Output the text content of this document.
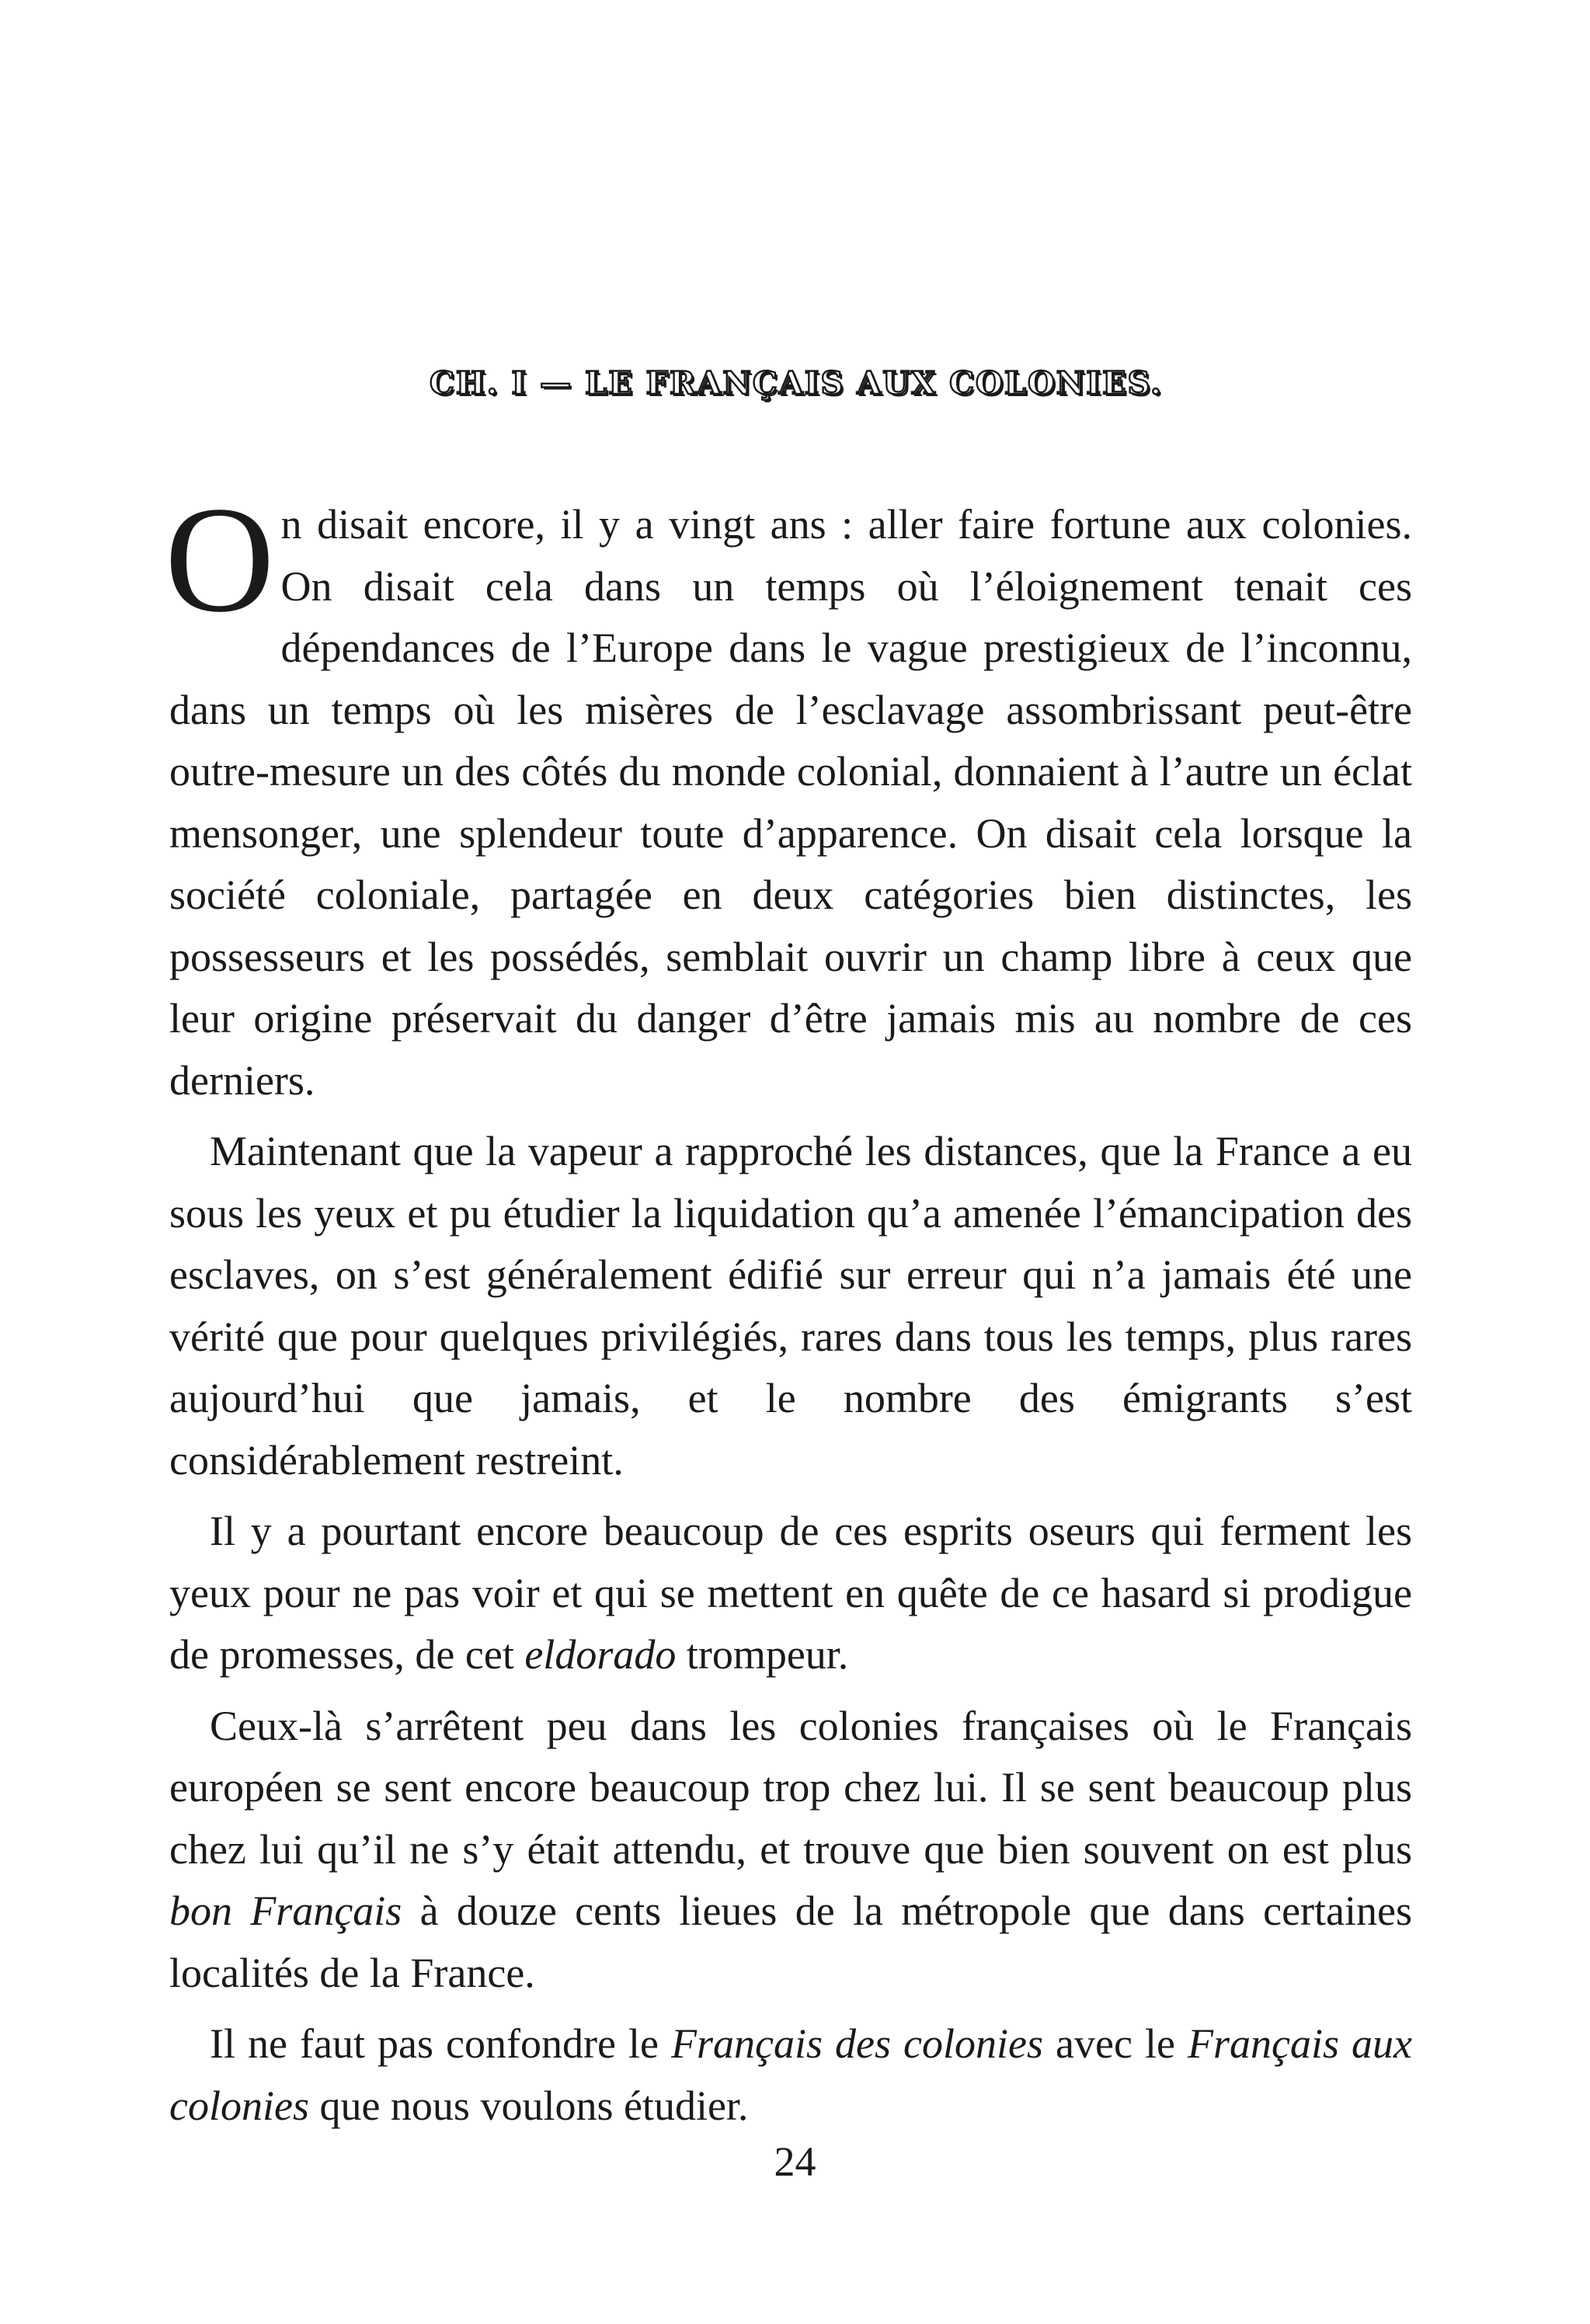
CH. I — LE FRANÇAIS AUX COLONIES.

On disait encore, il y a vingt ans : aller faire fortune aux colonies. On disait cela dans un temps où l’éloignement tenait ces dépendances de l’Europe dans le vague prestigieux de l’inconnu, dans un temps où les misères de l’esclavage assombrissant peut-être outre-mesure un des côtés du monde colonial, donnaient à l’autre un éclat mensonger, une splendeur toute d’apparence. On disait cela lorsque la société coloniale, partagée en deux catégories bien distinctes, les possesseurs et les possédés, semblait ouvrir un champ libre à ceux que leur origine préservait du danger d’être jamais mis au nombre de ces derniers.

Maintenant que la vapeur a rapproché les distances, que la France a eu sous les yeux et pu étudier la liquidation qu’a amenée l’émancipation des esclaves, on s’est généralement édifié sur erreur qui n’a jamais été une vérité que pour quelques privilégiés, rares dans tous les temps, plus rares aujourd’hui que jamais, et le nombre des émigrants s’est considérablement restreint.

Il y a pourtant encore beaucoup de ces esprits oseurs qui ferment les yeux pour ne pas voir et qui se mettent en quête de ce hasard si prodigue de promesses, de cet eldorado trompeur.

Ceux-là s’arrêtent peu dans les colonies françaises où le Français européen se sent encore beaucoup trop chez lui. Il se sent beaucoup plus chez lui qu’il ne s’y était attendu, et trouve que bien souvent on est plus bon Français à douze cents lieues de la métropole que dans certaines localités de la France.

Il ne faut pas confondre le Français des colonies avec le Français aux colonies que nous voulons étudier.

24
